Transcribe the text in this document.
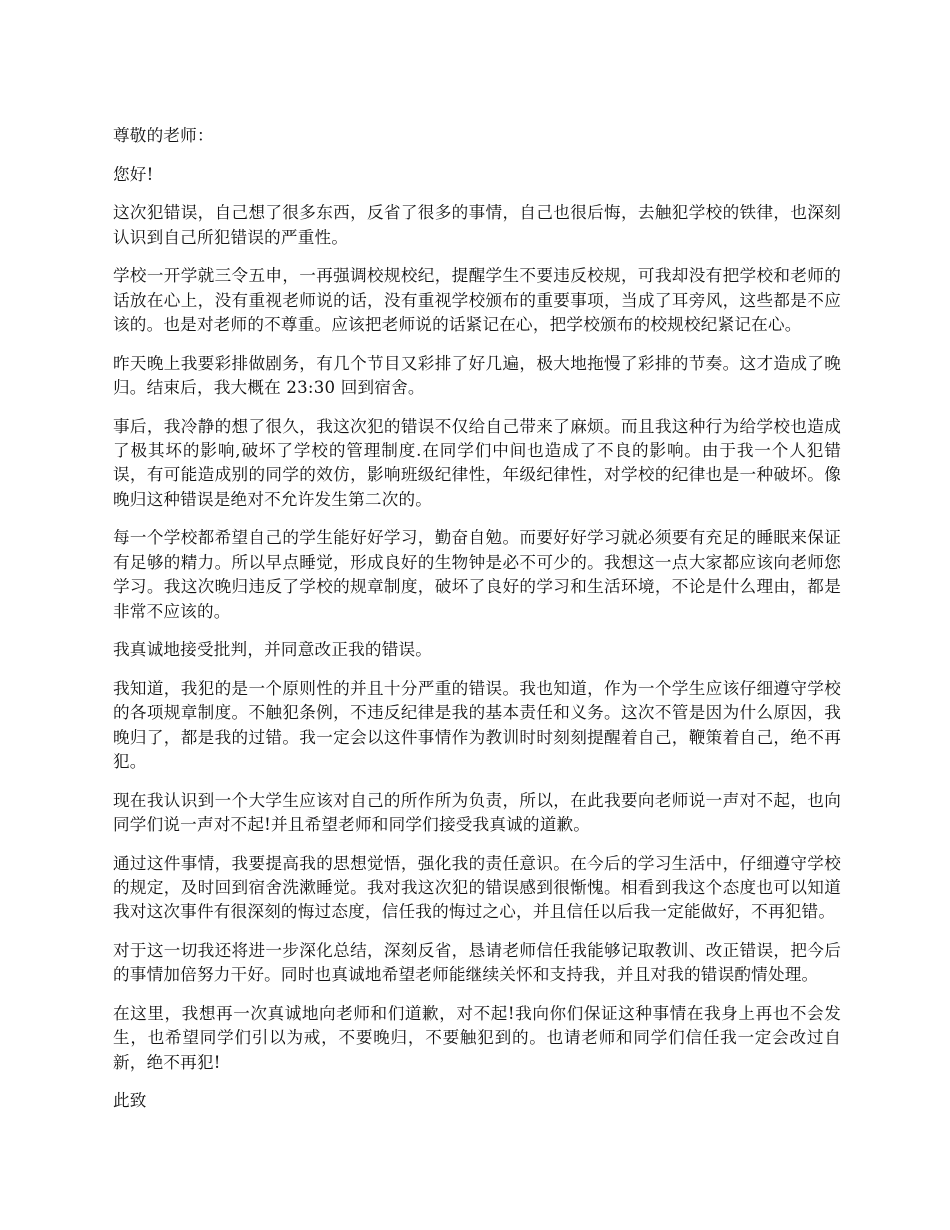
尊敬的老师：

您好!

这次犯错误，自己想了很多东西，反省了很多的事情，自己也很后悔，去触犯学校的铁律，也深刻认识到自己所犯错误的严重性。

学校一开学就三令五申，一再强调校规校纪，提醒学生不要违反校规，可我却没有把学校和老师的话放在心上，没有重视老师说的话，没有重视学校颁布的重要事项，当成了耳旁风，这些都是不应该的。也是对老师的不尊重。应该把老师说的话紧记在心，把学校颁布的校规校纪紧记在心。

昨天晚上我要彩排做剧务，有几个节目又彩排了好几遍，极大地拖慢了彩排的节奏。这才造成了晚归。结束后，我大概在 23:30 回到宿舍。

事后，我冷静的想了很久，我这次犯的错误不仅给自己带来了麻烦。而且我这种行为给学校也造成了极其坏的影响,破坏了学校的管理制度.在同学们中间也造成了不良的影响。由于我一个人犯错误，有可能造成别的同学的效仿，影响班级纪律性，年级纪律性，对学校的纪律也是一种破坏。像晚归这种错误是绝对不允许发生第二次的。

每一个学校都希望自己的学生能好好学习，勤奋自勉。而要好好学习就必须要有充足的睡眠来保证有足够的精力。所以早点睡觉，形成良好的生物钟是必不可少的。我想这一点大家都应该向老师您学习。我这次晚归违反了学校的规章制度，破坏了良好的学习和生活环境，不论是什么理由，都是非常不应该的。

我真诚地接受批判，并同意改正我的错误。

我知道，我犯的是一个原则性的并且十分严重的错误。我也知道，作为一个学生应该仔细遵守学校的各项规章制度。不触犯条例，不违反纪律是我的基本责任和义务。这次不管是因为什么原因，我晚归了，都是我的过错。我一定会以这件事情作为教训时时刻刻提醒着自己，鞭策着自己，绝不再犯。

现在我认识到一个大学生应该对自己的所作所为负责，所以，在此我要向老师说一声对不起，也向同学们说一声对不起!并且希望老师和同学们接受我真诚的道歉。

通过这件事情，我要提高我的思想觉悟，强化我的责任意识。在今后的学习生活中，仔细遵守学校的规定，及时回到宿舍洗漱睡觉。我对我这次犯的错误感到很惭愧。相看到我这个态度也可以知道我对这次事件有很深刻的悔过态度，信任我的悔过之心，并且信任以后我一定能做好，不再犯错。

对于这一切我还将进一步深化总结，深刻反省，恳请老师信任我能够记取教训、改正错误，把今后的事情加倍努力干好。同时也真诚地希望老师能继续关怀和支持我，并且对我的错误酌情处理。

在这里，我想再一次真诚地向老师和们道歉，对不起!我向你们保证这种事情在我身上再也不会发生，也希望同学们引以为戒，不要晚归，不要触犯到的。也请老师和同学们信任我一定会改过自新，绝不再犯!

此致
